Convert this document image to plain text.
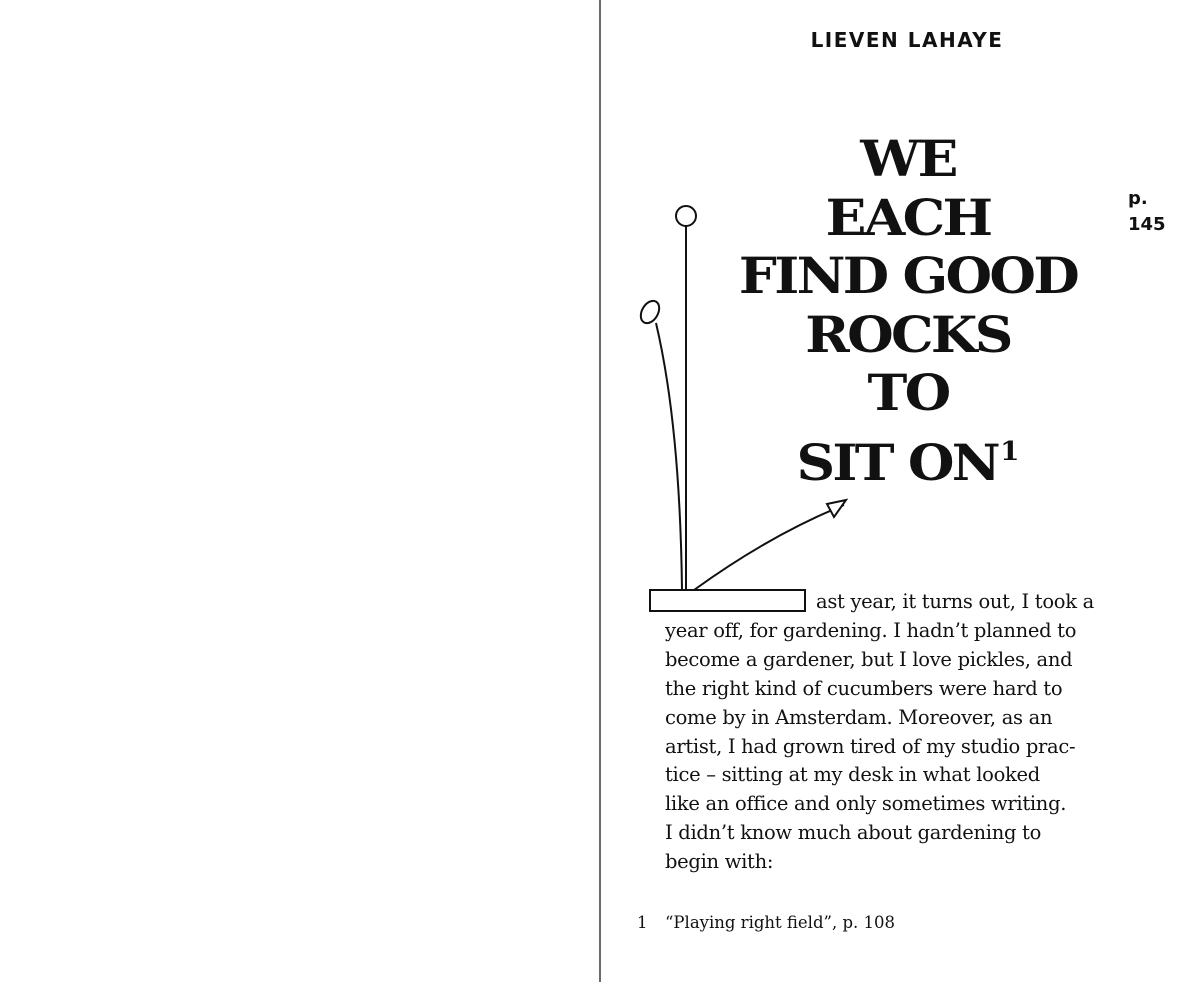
LIEVEN LAHAYE
p.
145
WE
EACH
FIND GOOD
ROCKS
TO
SIT $ON^1$
ast year, it turns out, I took a
year off, for gardening. I hadn’t planned to
become a gardener, but I love pickles, and
the right kind of cucumbers were hard to
come by in Amsterdam. Moreover, as an
artist, I had grown tired of my studio prac-
tice – sitting at my desk in what looked
like an office and only sometimes writing.
I didn’t know much about gardening to
begin with:
1 “Playing right field”, p. 108
